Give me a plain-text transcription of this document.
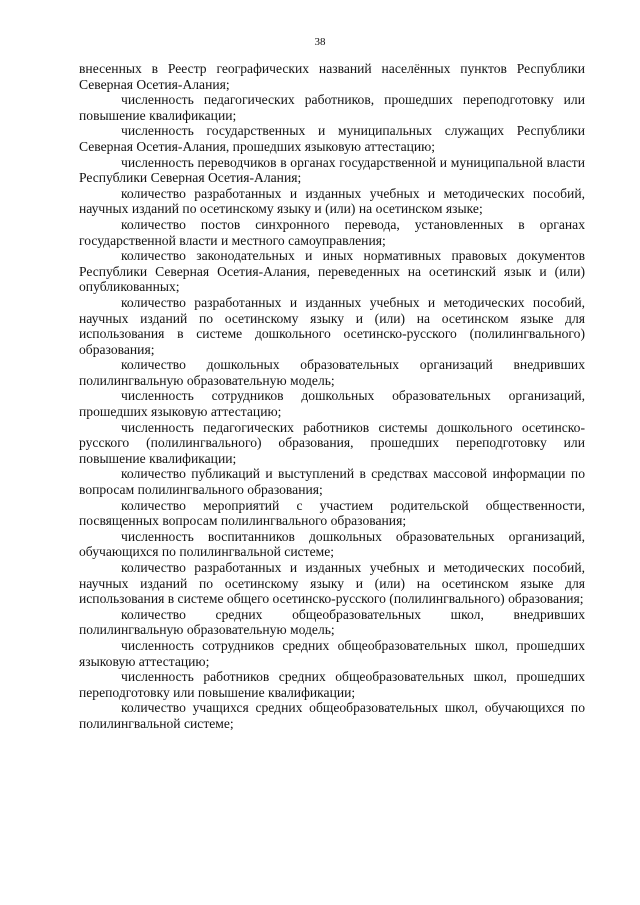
38

внесенных в Реестр географических названий населённых пунктов Республики Северная Осетия-Алания;

численность педагогических работников, прошедших переподготовку или повышение квалификации;

численность государственных и муниципальных служащих Республики Северная Осетия-Алания, прошедших языковую аттестацию;

численность переводчиков в органах государственной и муниципальной власти Республики Северная Осетия-Алания;

количество разработанных и изданных учебных и методических пособий, научных изданий по осетинскому языку и (или) на осетинском языке;

количество постов синхронного перевода, установленных в органах государственной власти и местного самоуправления;

количество законодательных и иных нормативных правовых документов Республики Северная Осетия-Алания, переведенных на осетинский язык и (или) опубликованных;

количество разработанных и изданных учебных и методических пособий, научных изданий по осетинскому языку и (или) на осетинском языке для использования в системе дошкольного осетинско-русского (полилингвального) образования;

количество дошкольных образовательных организаций внедривших полилингвальную образовательную модель;

численность сотрудников дошкольных образовательных организаций, прошедших языковую аттестацию;

численность педагогических работников системы дошкольного осетинско-русского (полилингвального) образования, прошедших переподготовку или повышение квалификации;

количество публикаций и выступлений в средствах массовой информации по вопросам полилингвального образования;

количество мероприятий с участием родительской общественности, посвященных вопросам полилингвального образования;

численность воспитанников дошкольных образовательных организаций, обучающихся по полилингвальной системе;

количество разработанных и изданных учебных и методических пособий, научных изданий по осетинскому языку и (или) на осетинском языке для использования в системе общего осетинско-русского (полилингвального) образования;

количество средних общеобразовательных школ, внедривших полилингвальную образовательную модель;

численность сотрудников средних общеобразовательных школ, прошедших языковую аттестацию;

численность работников средних общеобразовательных школ, прошедших переподготовку или повышение квалификации;

количество учащихся средних общеобразовательных школ, обучающихся по полилингвальной системе;
